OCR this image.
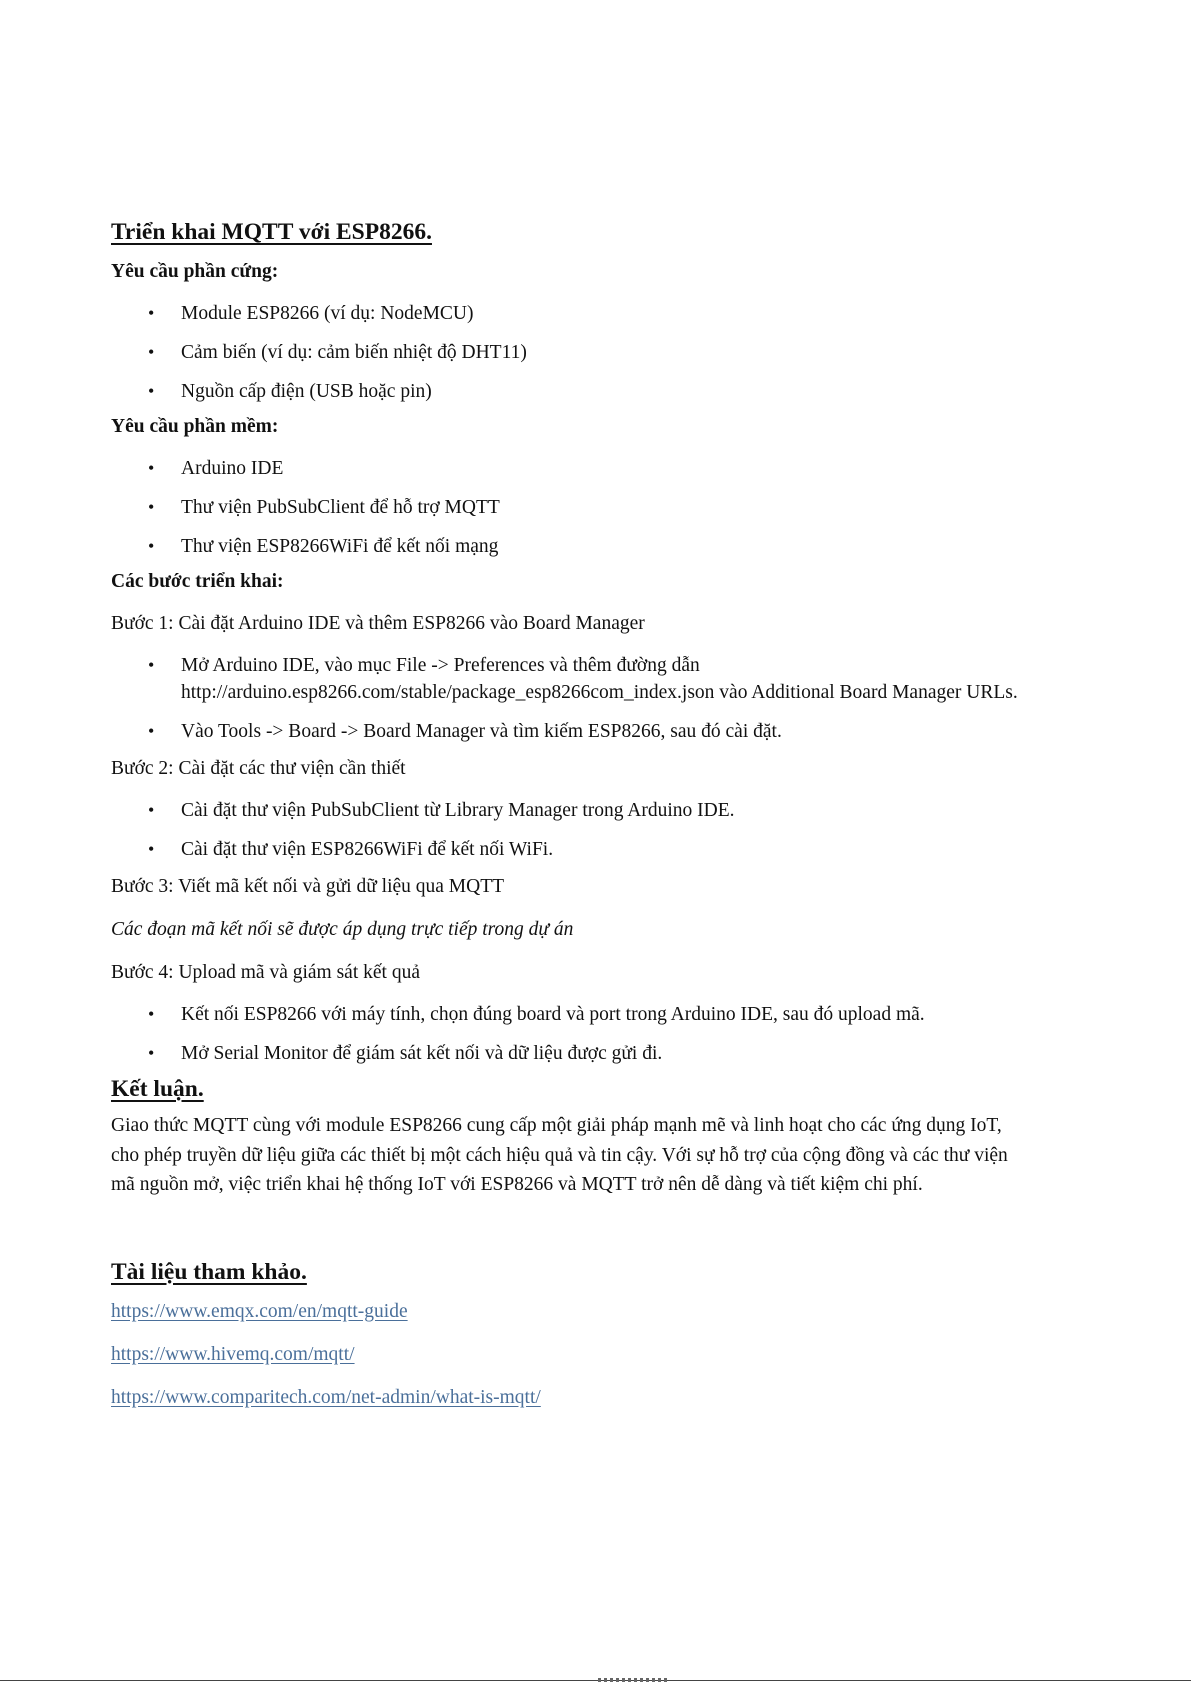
Triển khai MQTT với ESP8266.

Yêu cầu phần cứng:

• Module ESP8266 (ví dụ: NodeMCU)
• Cảm biến (ví dụ: cảm biến nhiệt độ DHT11)
• Nguồn cấp điện (USB hoặc pin)

Yêu cầu phần mềm:

• Arduino IDE
• Thư viện PubSubClient để hỗ trợ MQTT
• Thư viện ESP8266WiFi để kết nối mạng

Các bước triển khai:

Bước 1: Cài đặt Arduino IDE và thêm ESP8266 vào Board Manager

• Mở Arduino IDE, vào mục File -> Preferences và thêm đường dẫn
http://arduino.esp8266.com/stable/package_esp8266com_index.json vào Additional Board Manager URLs.
• Vào Tools -> Board -> Board Manager và tìm kiếm ESP8266, sau đó cài đặt.

Bước 2: Cài đặt các thư viện cần thiết

• Cài đặt thư viện PubSubClient từ Library Manager trong Arduino IDE.
• Cài đặt thư viện ESP8266WiFi để kết nối WiFi.

Bước 3: Viết mã kết nối và gửi dữ liệu qua MQTT

Các đoạn mã kết nối sẽ được áp dụng trực tiếp trong dự án

Bước 4: Upload mã và giám sát kết quả

• Kết nối ESP8266 với máy tính, chọn đúng board và port trong Arduino IDE, sau đó upload mã.
• Mở Serial Monitor để giám sát kết nối và dữ liệu được gửi đi.
Kết luận.

Giao thức MQTT cùng với module ESP8266 cung cấp một giải pháp mạnh mẽ và linh hoạt cho các ứng dụng IoT,
cho phép truyền dữ liệu giữa các thiết bị một cách hiệu quả và tin cậy. Với sự hỗ trợ của cộng đồng và các thư viện
mã nguồn mở, việc triển khai hệ thống IoT với ESP8266 và MQTT trở nên dễ dàng và tiết kiệm chi phí.

Tài liệu tham khảo.
https://www.emqx.com/en/mqtt-guide
https://www.hivemq.com/mqtt/
https://www.comparitech.com/net-admin/what-is-mqtt/
